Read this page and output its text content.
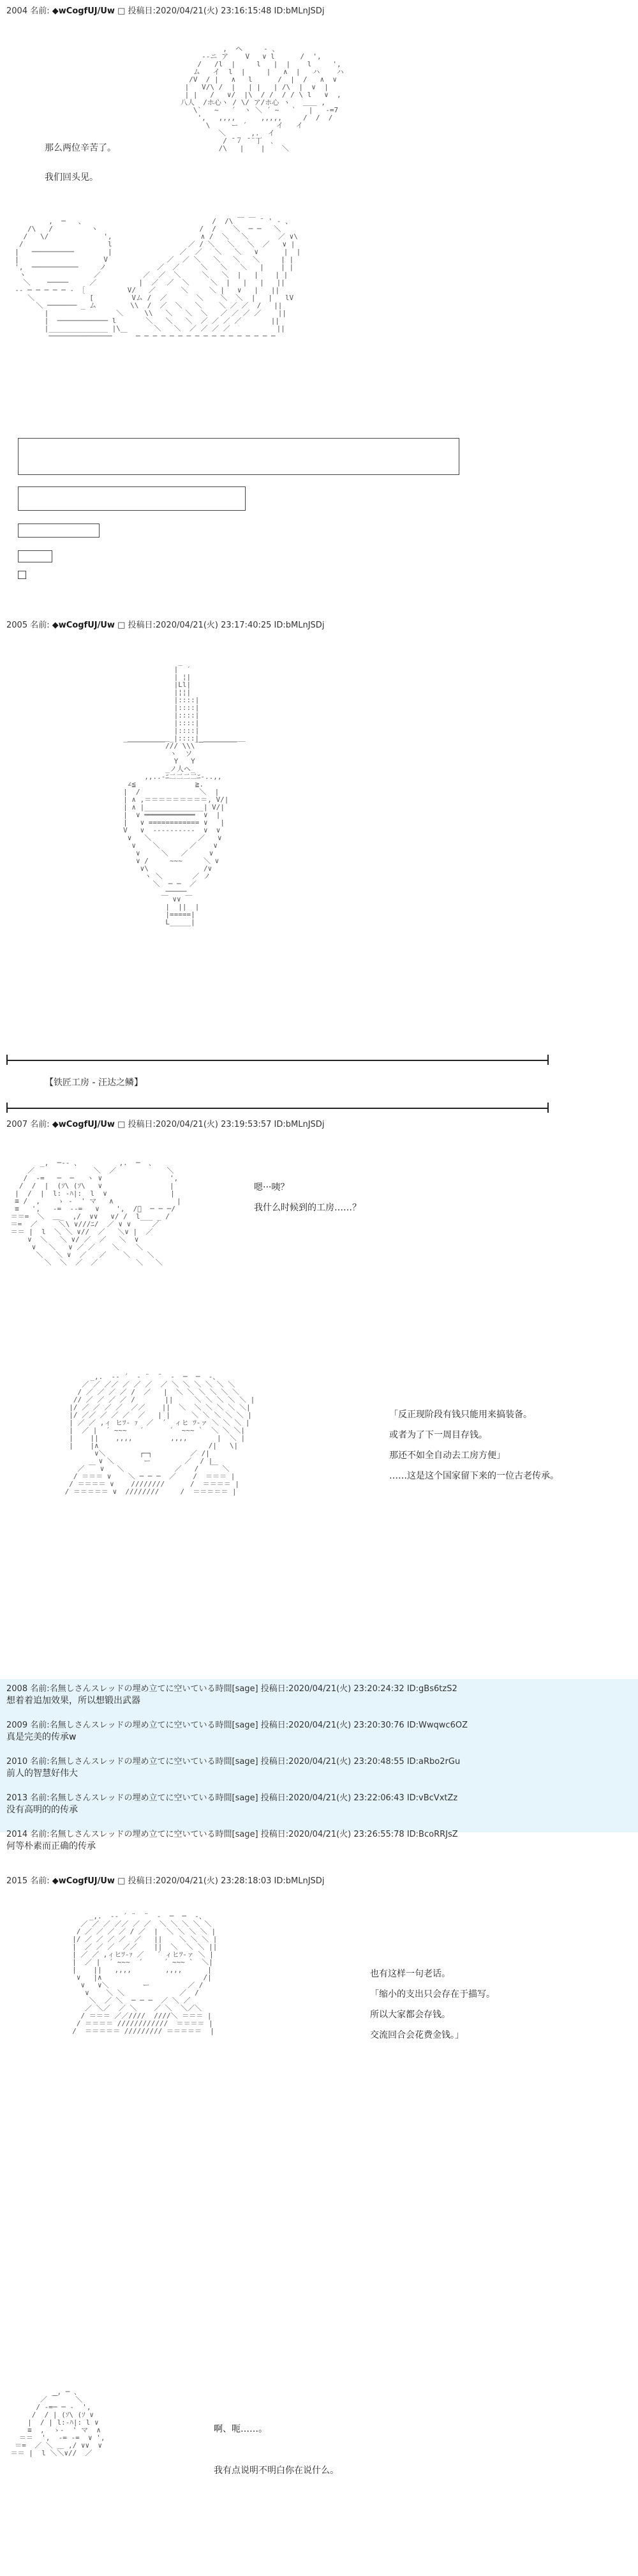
2004 名前: ◆wCogfUJ/Uw □ 投稿日:2020/04/21(火) 23:16:15:48 ID:bMLnJSDj
,  ヘ     ‐ 、
-‐ニ ア    V   ∨ l      /  ',
/   /l  |     l   |  |    l     ',
ム   イ  l  |     |   ∧  |   ハ    ハ
/V  / |   ∧   l      /  |  /   ∧  ∨
|   V/\ /  |   | |   | /\  |  ∨  |
| |   /   ∨/  |\  / /  / / \ l   ∨  ,
八人  /ホ心ヽ / \/ ア/ホ心 ヽ   ＿＿ ,
\`   ~   ´  ヽ ＼ ´ ~   `   |   ‐=7
',   ,,,,      ,,,,,     /  /  /
\     ー ´       イ   イ
＼      ,.  イ
/ ̄ ７ ̄ ¨丁  ､
/\   |    |    ＼

那么两位辛苦了。
我们回头见。
,  ─   、                              /  /\ ￣ ￣ ¨ ' ‐ 、
/\   /         ヽ                        /  /    ＼  ─ ─   ＼
/   \/             ',                     ∧ /  ＼   ＼       ／ ∨\
/                    l                  ／ / ＼   ＼   ＼  ／   ∨ |
|   ──────────        |                ／  ／   ＼   ＼   ∨      |  |
|                    V              ／  ／ ＼   ＼   ＼   ＼     | |
',  ───────────     ノ            ／  ／     ＼   ＼   ＼   |    | |
ヽ                ／          ／  ／  ＼     ＼   ＼  |   |    | |
＼    ─────     ／          |  ／  ／  ＼     ＼  |   |   |   ||
‐- ─ ─ ─ ─ ─ ‐ ［          V/   ／      ＼     ＼ |   ∨   |   ||
＼             [         Vム /  ／       ＼    ＼  ＼  |   |   lV
＼ ─────── _ ム        \\  /  ／  ＼   ＼    ＼ ／ ／  /   ||
|                ＼     \\   ＼   ＼  ＼   ／ ／ ／ ／    ||
|  ──────────── l       ＼   ＼   ＼  ／ ／ ／ ／       ||
|______________ |\        ＼   ＼  ／ ／ ／ ／           ||
───────────────  ￣  ─ ─ ─ ─ ─ ─ ─ ─ ─ ─ ─ ─ ─ ─ ─ ─ ─

2005 名前: ◆wCogfUJ/Uw □ 投稿日:2020/04/21(火) 23:17:40:25 ID:bMLnJSDj
_
|  ′
| ¦|
|Ll|
|¦¦|
|::::|
|::::|
|::::|
|::::|
|::::|
＿＿＿＿＿＿_|::::|_＿＿＿＿＿＿
￣￣￣￣￣￣/// \\\￣￣￣￣￣￣
ヽ  ソ
Y   Y
_ノ人ヘ_
,,..-ﾆ二二二二ﾆ-..,,
∠≦              ≧.
|  /              ＼  |
| ∧ ,＝＝＝＝＝＝＝＝＝, V/|
| ∧ |______________| V/|
|  ∨ ════════════  ∨  |
|   ∨ ============ ∨   |
V   ∨  ----------  ∨  ∨
∨   ＼           ／   ∨
∨    ＼       ／    ∨
∨     ＼   ／     ∨
∨ /     ~~~     ＼ ∨
∨\             /∨
ヽ ＼       ／ ノ
＼  ─ ─  ／
─────
￣ ∨∨ ￣
|  ||  |
|=====|
L_____|

【铁匠工房 - 汪达之鳞】
2007 名前: ◆wCogfUJ/Uw □ 投稿日:2020/04/21(火) 23:19:53:57 ID:bMLnJSDj
_,  ─‐- 、         ,.  ─  、
／              ＼  ／            ＼
/  ‐=   ─  ─   ヽ ∨                ',
/  /  |  (ｿ\ (ｿ\   ∨                |
|  /  |  l: ‐ﾊ|:  l  ∨               |
≡ /  ,    ゝ ‐  ' マ   ∧               |
≡   ',   ‐=  ‐‐=   ∨    ',  /ﾞ  ─ ─ ─/
＝＝=  ＼  ＿_  ,/  ∨∨   ∨/ /  l___ _ /
＝=  ／     ＼\ ∨///ﾆ/  ／ ∨ ∨     ／
＝＝ |  l  ＼ ＼ ∨//  ／   ＼∨ |  ／
∨  ＼   ＼ ∨/ ／  ／   ＼  ∨
∨   ＼   ∨ ／ ／    ＼    ＼
＼   ＼ ∨  ／   ／    ＼    ＼
＼  ＼  ／  ／         ＼   ＼

嗯···咦？
我什么时候到的工房……？
_,.  -‐ ´  ‐ ¨  ¨  ‐  ─  ─  -、
／ ／ ／／ ／ ／ ／  ／ ＼ ＼ ＼ ＼ ＼ ＼
/ ／ ／ ／ ／ /  ／   |  ＼ ＼ ＼ ＼ ＼ ＼
// ／ ／ ／ ／ /       ||     ＼ ＼ ＼ ＼ ＼ |
|/ ／ ／ ／ ／  ／／    ||  ＼  ＼ ＼ ＼ ＼ ＼|
|/ ／／ ／ ／ ／  ／   | |     ＼ ＼ ＼ ＼ ＼ |
| ／ ／ ,ィ ヒﾂ‐ ｧ  ／  ´  ィヒ ﾂ‐ァ ＼ ＼ ＼ |
|  ／ |  ´ ~~~   ´      ´  ~~~ `  ＼ ＼ ＼|
|    ||    ,,,,         ,,,,       |  ＼ |
|    |∧                          /|   \|
∨＼        ┌─┐         ／ /|
∨ ＼       ー        ／  / |
／ ￣ ∨   ＼            ／   /   ￣ ＼
/ ＝＝＝ ∨    ＼ ─ ─ ─  ／    /  ＝＝＝ |
/ ＝＝＝＝ ∨    ////////      /  ＝＝＝＝ |
/ ＝＝＝＝＝ ∨  ////////     /  ＝＝＝＝＝ |

「反正现阶段有钱只能用来搞装备。
或者为了下一周目存钱。
那还不如全自动去工房方便」
……这是这个国家留下来的一位古老传承。
2008 名前:名無しさんスレッドの埋め立てに空いている時間[sage] 投稿日:2020/04/21(火) 23:20:24:32 ID:gBs6tzS2
想着着追加效果，所以想锻出武器
2009 名前:名無しさんスレッドの埋め立てに空いている時間[sage] 投稿日:2020/04/21(火) 23:20:30:76 ID:Wwqwc6OZ
真是完美的传承w
2010 名前:名無しさんスレッドの埋め立てに空いている時間[sage] 投稿日:2020/04/21(火) 23:20:48:55 ID:aRbo2rGu
前人的智慧好伟大
2013 名前:名無しさんスレッドの埋め立てに空いている時間[sage] 投稿日:2020/04/21(火) 23:22:06:43 ID:vBcVxtZz
没有高明的的传承
2014 名前:名無しさんスレッドの埋め立てに空いている時間[sage] 投稿日:2020/04/21(火) 23:26:55:78 ID:BcoRRJsZ
何等朴素而正确的传承
2015 名前: ◆wCogfUJ/Uw □ 投稿日:2020/04/21(火) 23:28:18:03 ID:bMLnJSDj
_,.  -‐ ´ ¨  ¨  ‐  ─  ─  -、
／ ／ ／ ／／ ／ ／  ＼ ＼ ＼ ＼ ＼
/ ／ ／ ／ ／ / ／  |  ＼ ＼ ＼ ＼ |
|/ ／ ／ ／ ／  ／   ||    ＼ ＼ ＼ |
|  ／ ／ ／  ／／    ||  ＼  ＼ ＼ ||
| ／ ／ ,ィヒﾂ‐ｧ ／   ´ ィヒﾂ‐ァ ＼ |
|  ／ |  ´ ~~~  ´     ´ ~~~ `  ＼|
|    ||   ,,,,        ,,,,      |
∨   |∧                        /|
∨   ∨＼        ー         ／ /
∨    ＼ ＼             ／  /
＼  ／ ＼  ─ ─ ─  ／ ＼ ／
／ ＼／  ／ ＼    ／ ＼  ＼／＼
/ ＝＝＝ ／／////  ////＼ ＝＝＝ |
/ ＝＝＝＝ ////////////  ＝＝＝＝ |
/  ＝＝＝＝＝ ///////// ＝＝＝＝＝  |

也有这样一句老话。
「缩小的支出只会存在于描写。
所以大家都会存钱。
交流回合会花费金钱。」
_, ─ 、
／ ￣    ＼
/ ‐=─ ─ ‐  ',
/  / | (ｿ\ (ｿ ∨
|  / | l:‐ﾊ|: l ∨
≡  ,  ゝ‐  ' マ  ∧
＝＝  ',  ‐= ‐=  ∨ ',
＝=  ／ ＼ ＿ ,/ ∨∨  ∨
＝＝ |  l ＼＼∨//  ／

啊、呃……。
我有点说明不明白你在说什么。
